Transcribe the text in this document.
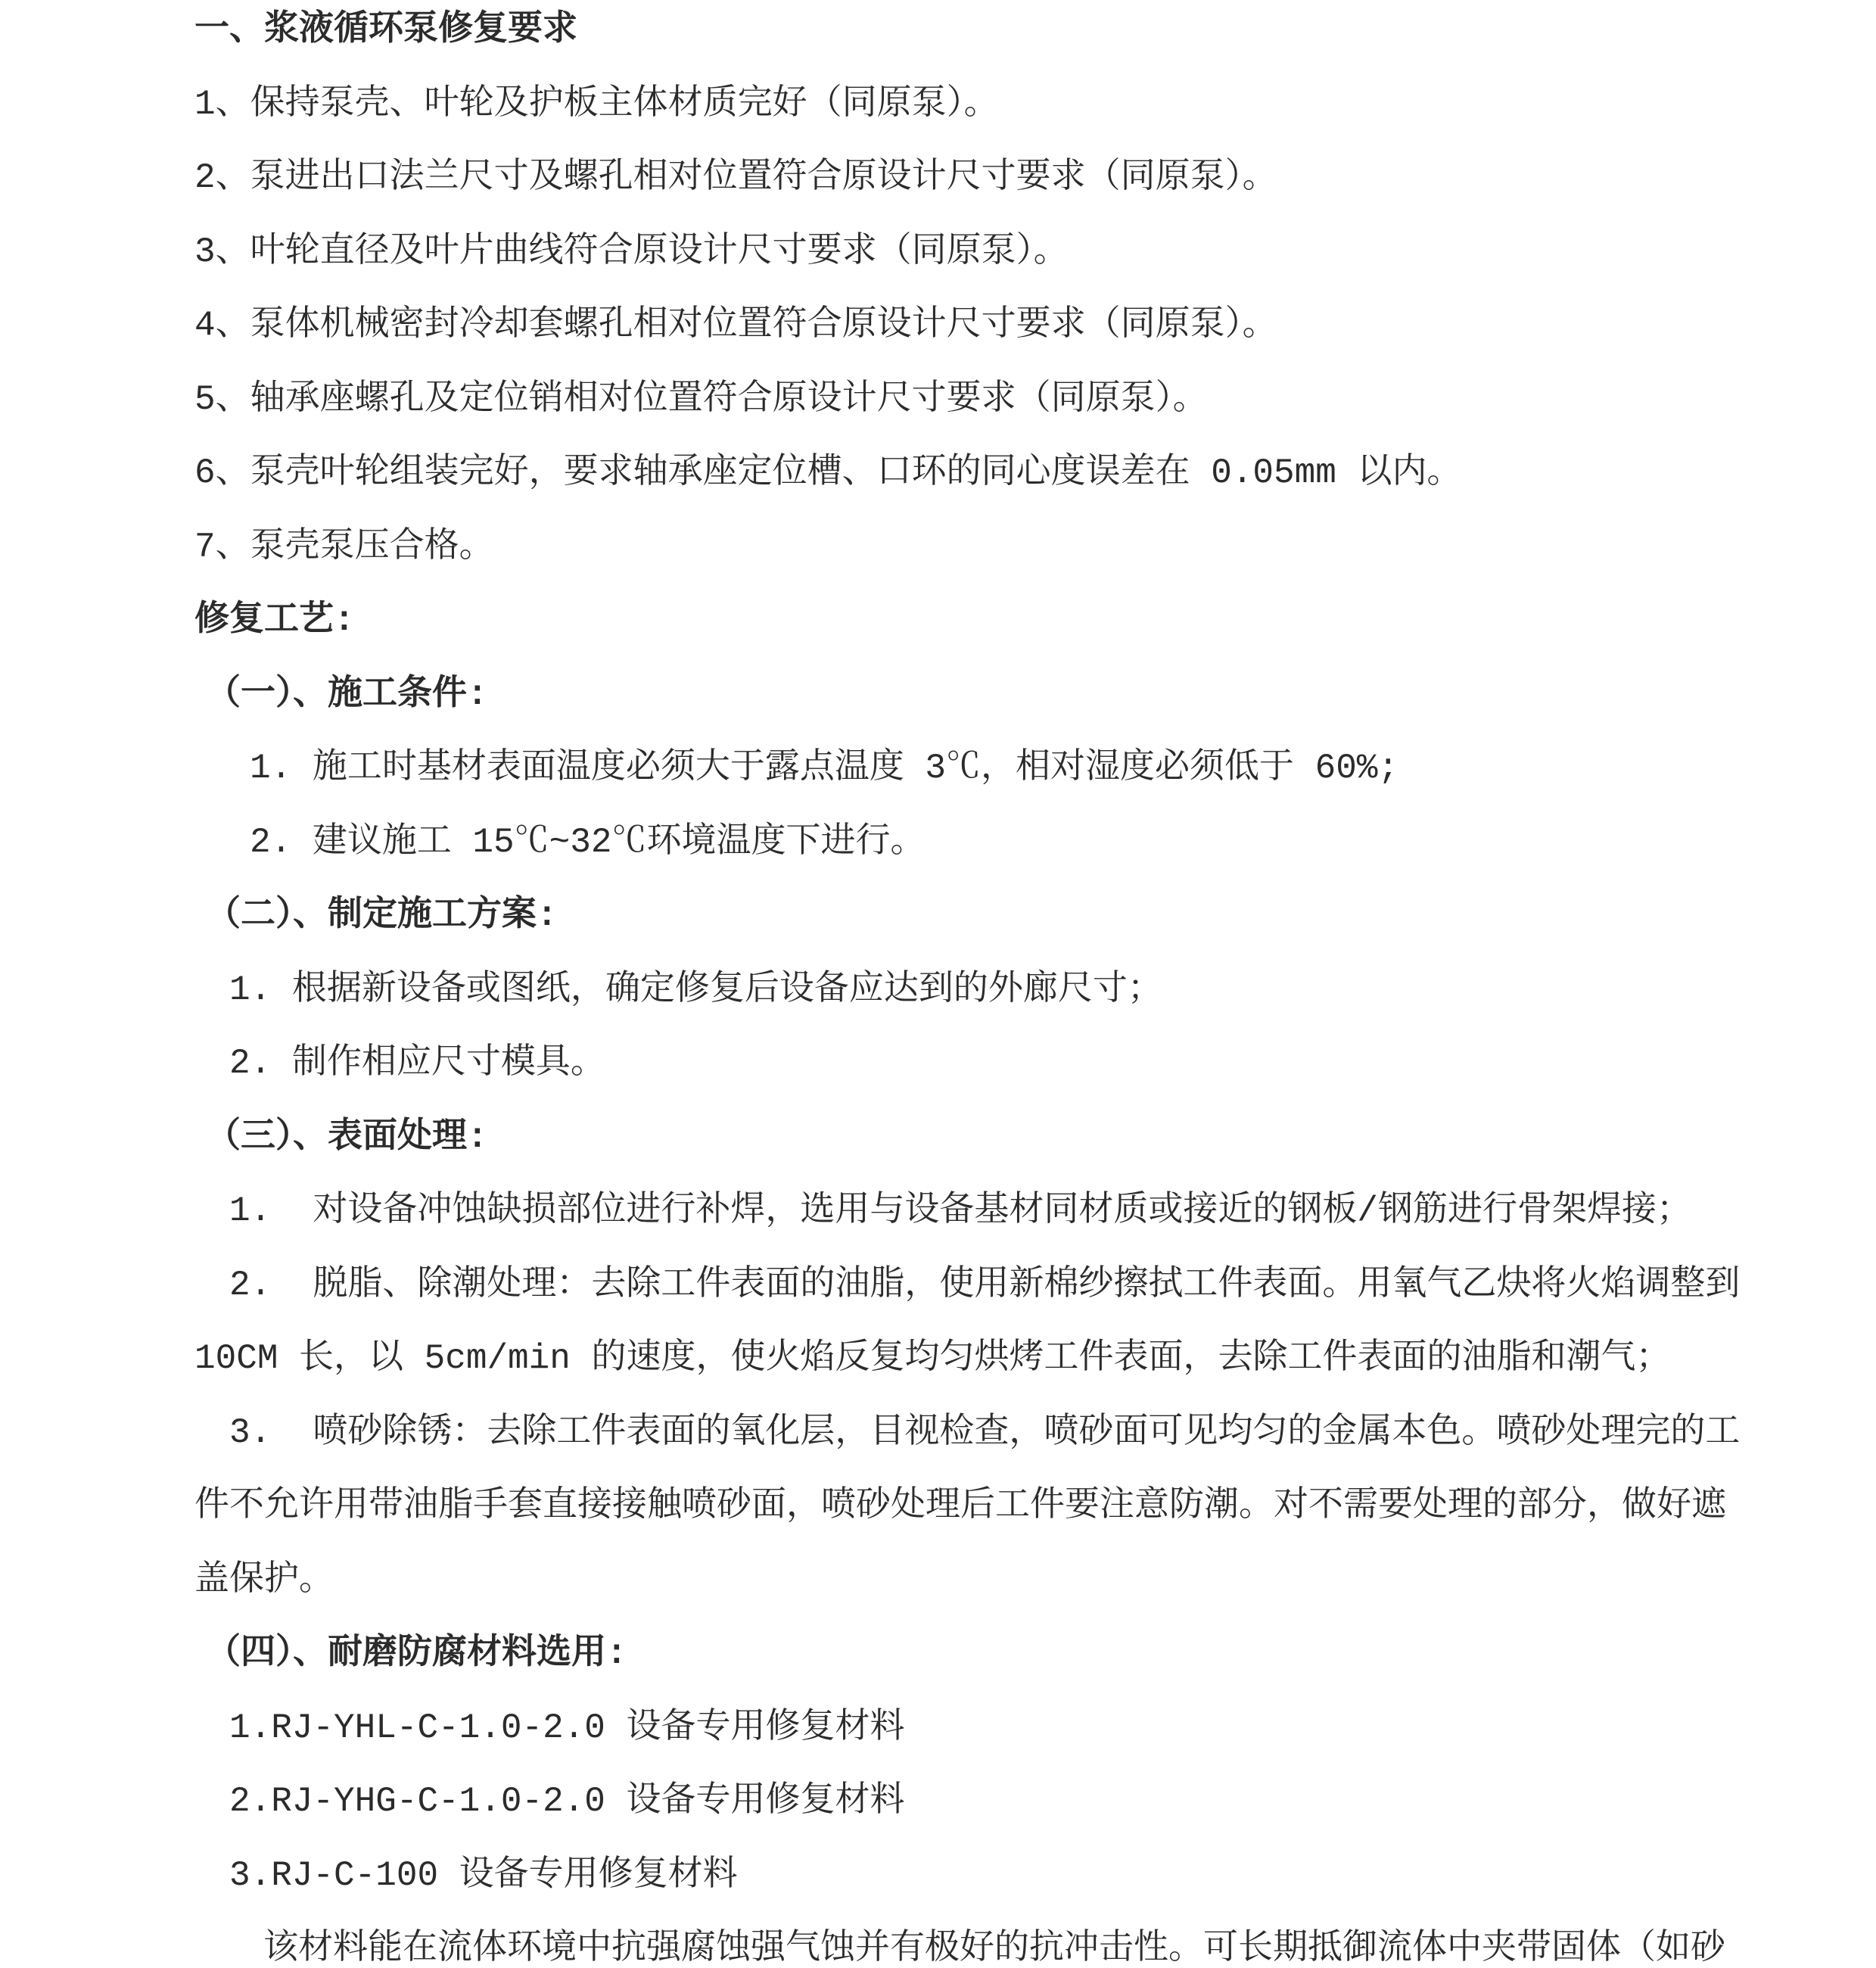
一、浆液循环泵修复要求
1、保持泵壳、叶轮及护板主体材质完好（同原泵）。
2、泵进出口法兰尺寸及螺孔相对位置符合原设计尺寸要求（同原泵）。
3、叶轮直径及叶片曲线符合原设计尺寸要求（同原泵）。
4、泵体机械密封冷却套螺孔相对位置符合原设计尺寸要求（同原泵）。
5、轴承座螺孔及定位销相对位置符合原设计尺寸要求（同原泵）。
6、泵壳叶轮组装完好，要求轴承座定位槽、口环的同心度误差在 0.05mm 以内。
7、泵壳泵压合格。
修复工艺:
（一）、施工条件:
1. 施工时基材表面温度必须大于露点温度 3℃，相对湿度必须低于 60%;
2. 建议施工 15℃~32℃环境温度下进行。
（二）、制定施工方案:
1. 根据新设备或图纸，确定修复后设备应达到的外廊尺寸；
2. 制作相应尺寸模具。
（三）、表面处理:
1.  对设备冲蚀缺损部位进行补焊，选用与设备基材同材质或接近的钢板/钢筋进行骨架焊接；
2.  脱脂、除潮处理：去除工件表面的油脂，使用新棉纱擦拭工件表面。用氧气乙炔将火焰调整到
10CM 长，以 5cm/min 的速度，使火焰反复均匀烘烤工件表面，去除工件表面的油脂和潮气；
3.  喷砂除锈：去除工件表面的氧化层，目视检查，喷砂面可见均匀的金属本色。喷砂处理完的工
件不允许用带油脂手套直接接触喷砂面，喷砂处理后工件要注意防潮。对不需要处理的部分，做好遮
盖保护。
（四）、耐磨防腐材料选用:
1.RJ-YHL-C-1.0-2.0 设备专用修复材料
2.RJ-YHG-C-1.0-2.0 设备专用修复材料
3.RJ-C-100 设备专用修复材料
该材料能在流体环境中抗强腐蚀强气蚀并有极好的抗冲击性。可长期抵御流体中夹带固体（如砂
